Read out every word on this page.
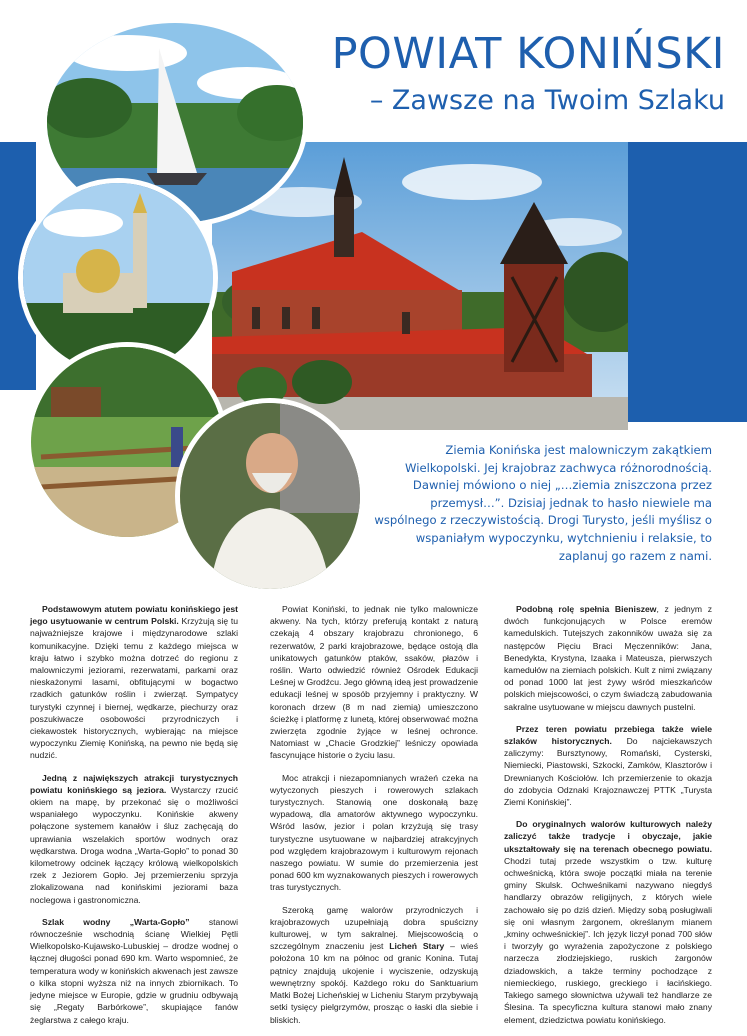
POWIAT KONIŃSKI
– Zawsze na Twoim Szlaku

Ziemia Konińska jest malowniczym zakątkiem Wielkopolski. Jej krajobraz zachwyca różnorodnością. Dawniej mówiono o niej „…ziemia zniszczona przez przemysł…”. Dzisiaj jednak to hasło niewiele ma wspólnego z rzeczywistością. Drogi Turysto, jeśli myślisz o wspaniałym wypoczynku, wytchnieniu i relaksie, to zaplanuj go razem z nami.

Podstawowym atutem powiatu konińskiego jest jego usytuowanie w centrum Polski. Krzyżują się tu najważniejsze krajowe i międzynarodowe szlaki komunikacyjne. Dzięki temu z każdego miejsca w kraju łatwo i szybko można dotrzeć do regionu z malowniczymi jeziorami, rezerwatami, parkami oraz nieskażonymi lasami, obfitującymi w bogactwo rzadkich gatunków roślin i zwierząt. Sympatycy turystyki czynnej i biernej, wędkarze, piechurzy oraz poszukiwacze osobowości przyrodniczych i ciekawostek historycznych, wybierając na miejsce wypoczynku Ziemię Konińską, na pewno nie będą się nudzić.

Jedną z największych atrakcji turystycznych powiatu konińskiego są jeziora. Wystarczy rzucić okiem na mapę, by przekonać się o możliwości wspaniałego wypoczynku. Konińskie akweny połączone systemem kanałów i śluz zachęcają do uprawiania wszelakich sportów wodnych oraz wędkarstwa. Droga wodna „Warta-Gopło” to ponad 30 kilometrowy odcinek łączący królową wielkopolskich rzek z Jeziorem Gopło. Jej przemierzeniu sprzyja zlokalizowana nad konińskimi jeziorami baza noclegowa i gastronomiczna.

Szlak wodny „Warta-Gopło” stanowi równocześnie wschodnią ścianę Wielkiej Pętli Wielkopolsko-Kujawsko-Lubuskiej – drodze wodnej o łącznej długości ponad 690 km. Warto wspomnieć, że temperatura wody w konińskich akwenach jest zawsze o kilka stopni wyższa niż na innych zbiornikach. To jedyne miejsce w Europie, gdzie w grudniu odbywają się „Regaty Barbórkowe”, skupiające fanów żeglarstwa z całego kraju.

Powiat Koniński, to jednak nie tylko malownicze akweny. Na tych, którzy preferują kontakt z naturą czekają 4 obszary krajobrazu chronionego, 6 rezerwatów, 2 parki krajobrazowe, będące ostoją dla unikatowych gatunków ptaków, ssaków, płazów i roślin. Warto odwiedzić również Ośrodek Edukacji Leśnej w Grodźcu. Jego główną ideą jest prowadzenie edukacji leśnej w sposób przyjemny i praktyczny. W koronach drzew (8 m nad ziemią) umieszczono ścieżkę i platformę z lunetą, której obserwować można zwierzęta zgodnie żyjące w leśnej ochronce. Natomiast w „Chacie Grodzkiej” leśniczy opowiada fascynujące historie o życiu lasu.

Moc atrakcji i niezapomnianych wrażeń czeka na wytyczonych pieszych i rowerowych szlakach turystycznych. Stanowią one doskonałą bazę wypadową, dla amatorów aktywnego wypoczynku. Wśród lasów, jezior i polan krzyżują się trasy turystyczne usytuowane w najbardziej atrakcyjnych pod względem krajobrazowym i kulturowym rejonach naszego powiatu. W sumie do przemierzenia jest ponad 600 km wyznakowanych pieszych i rowerowych tras turystycznych.

Szeroką gamę walorów przyrodniczych i krajobrazowych uzupełniają dobra spuścizny kulturowej, w tym sakralnej. Miejscowością o szczególnym znaczeniu jest Licheń Stary – wieś położona 10 km na północ od granic Konina. Tutaj pątnicy znajdują ukojenie i wyciszenie, odzyskują wewnętrzny spokój. Każdego roku do Sanktuarium Matki Bożej Licheńskiej w Licheniu Starym przybywają setki tysięcy pielgrzymów, prosząc o łaski dla siebie i bliskich.

Podobną rolę spełnia Bieniszew, z jednym z dwóch funkcjonujących w Polsce eremów kamedulskich. Tutejszych zakonników uważa się za następców Pięciu Braci Męczenników: Jana, Benedykta, Krystyna, Izaaka i Mateusza, pierwszych kamedułów na ziemiach polskich. Kult z nimi związany od ponad 1000 lat jest żywy wśród mieszkańców polskich miejscowości, o czym świadczą zabudowania sakralne usytuowane w miejscu dawnych pustelni.

Przez teren powiatu przebiega także wiele szlaków historycznych. Do najciekawszych zaliczymy: Bursztynowy, Romański, Cysterski, Niemiecki, Piastowski, Szkocki, Zamków, Klasztorów i Drewnianych Kościołów. Ich przemierzenie to okazja do zdobycia Odznaki Krajoznawczej PTTK „Turysta Ziemi Konińskiej”.

Do oryginalnych walorów kulturowych należy zaliczyć także tradycje i obyczaje, jakie ukształtowały się na terenach obecnego powiatu. Chodzi tutaj przede wszystkim o tzw. kulturę ochweśnicką, która swoje początki miała na terenie gminy Skulsk. Ochweśnikami nazywano niegdyś handlarzy obrazów religijnych, z których wiele zachowało się po dziś dzień. Między sobą posługiwali się oni własnym żargonem, określanym mianem „kminy ochweśnickiej”. Ich język liczył ponad 700 słów i tworzyły go wyrażenia zapożyczone z polskiego narzecza złodziejskiego, ruskich żargonów dziadowskich, a także terminy pochodzące z niemieckiego, ruskiego, greckiego i łacińskiego. Takiego samego słownictwa używali też handlarze ze Ślesina. Ta specyficzna kultura stanowi mało znany element, dziedzictwa powiatu konińskiego.
